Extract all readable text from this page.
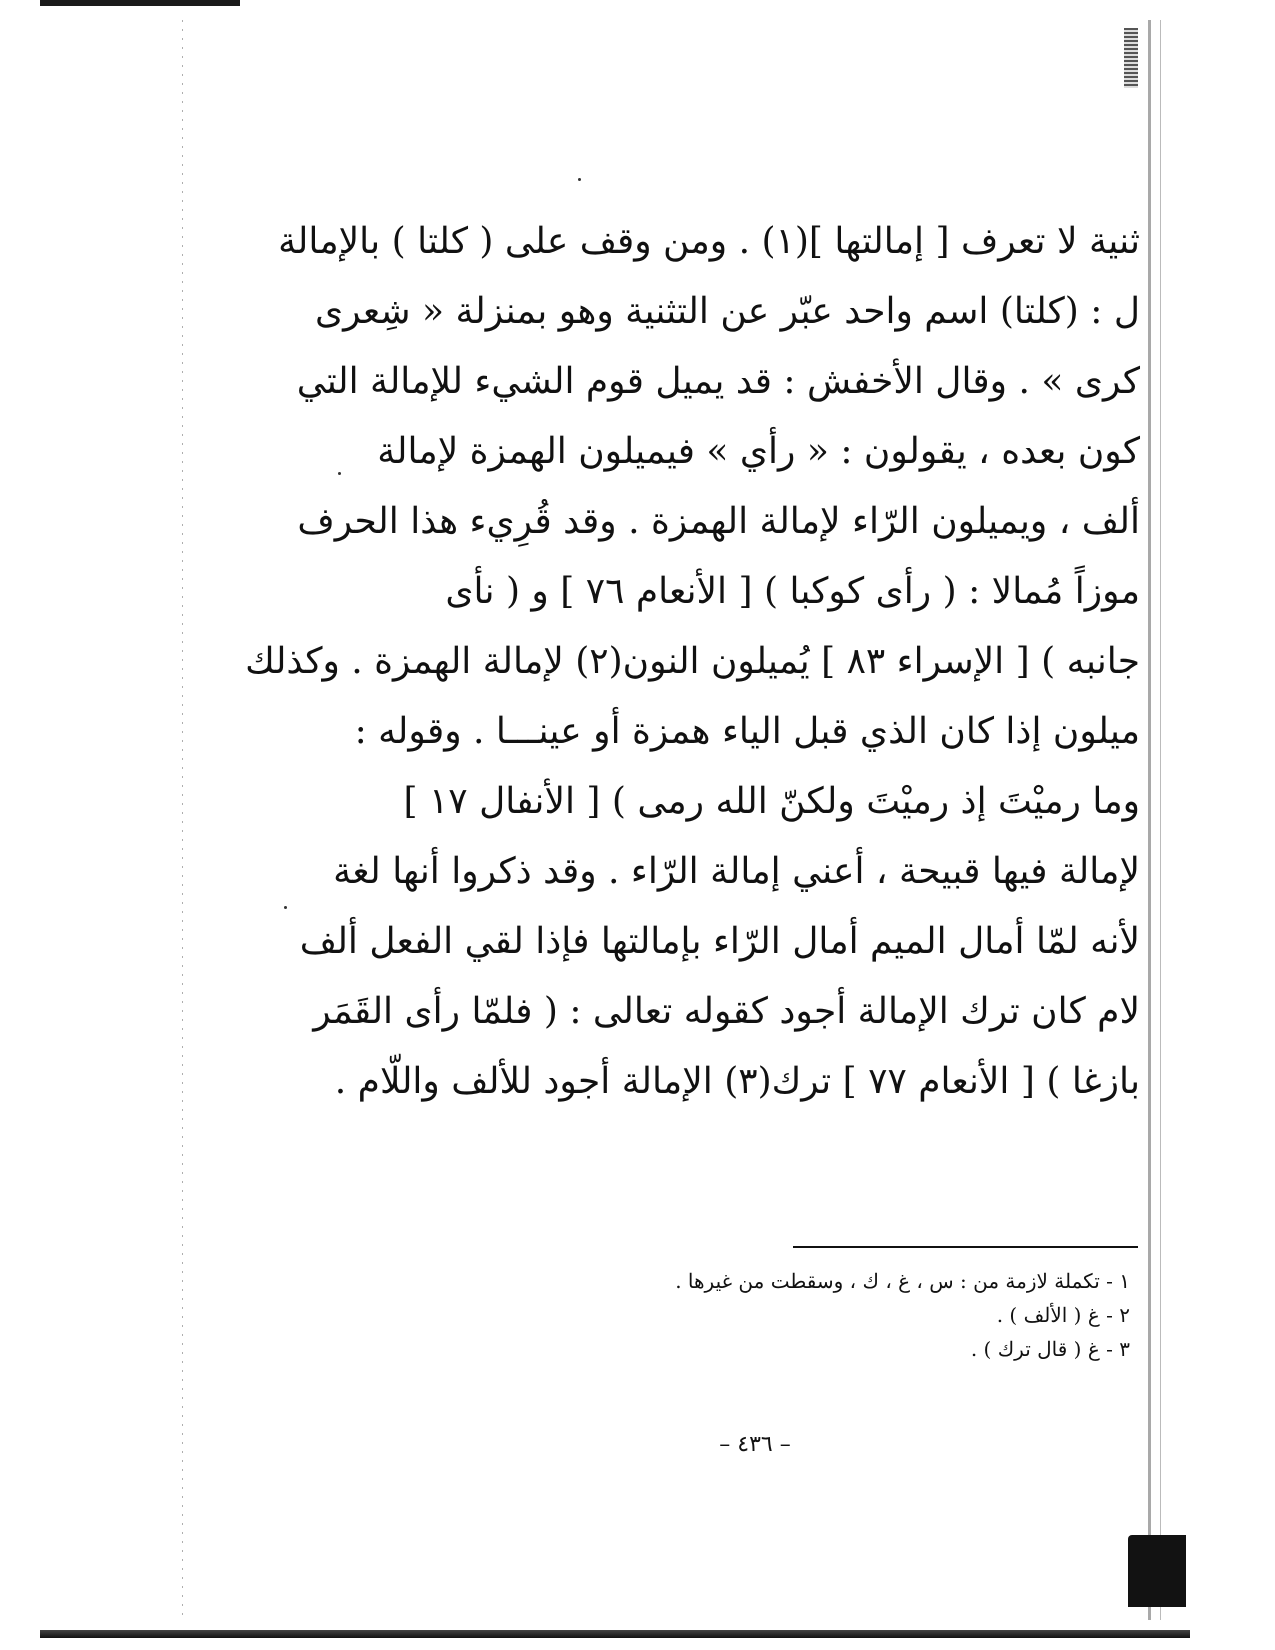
ثنية لا تعرف [ إمالتها ](١) . ومن وقف على ( كلتا ) بالإمالة
ل : (كلتا) اسم واحد عبّر عن التثنية وهو بمنزلة « شِعرى
كرى » . وقال الأخفش : قد يميل قوم الشيء للإمالة التي
كون بعده ، يقولون : « رأي » فيميلون الهمزة لإمالة
ألف ، ويميلون الرّاء لإمالة الهمزة . وقد قُرِيء هذا الحرف
موزاً مُمالا : ( رأى كوكبا ) [ الأنعام ٧٦ ] و ( نأى
جانبه ) [ الإسراء ٨٣ ] يُميلون النون(٢) لإمالة الهمزة . وكذلك
ميلون إذا كان الذي قبل الياء همزة أو عينـــا . وقوله :
وما رميْتَ إذ رميْتَ ولكنّ الله رمى ) [ الأنفال ١٧ ]
لإمالة فيها قبيحة ، أعني إمالة الرّاء . وقد ذكروا أنها لغة
لأنه لمّا أمال الميم أمال الرّاء بإمالتها فإذا لقي الفعل ألف
لام كان ترك الإمالة أجود كقوله تعالى : ( فلمّا رأى القَمَر
بازغا ) [ الأنعام ٧٧ ] ترك(٣) الإمالة أجود للألف واللّام .
١ - تكملة لازمة من : س ، غ ، ك ، وسقطت من غيرها .
٢ - غ ( الألف ) .
٣ - غ ( قال ترك ) .
– ٤٣٦ –
